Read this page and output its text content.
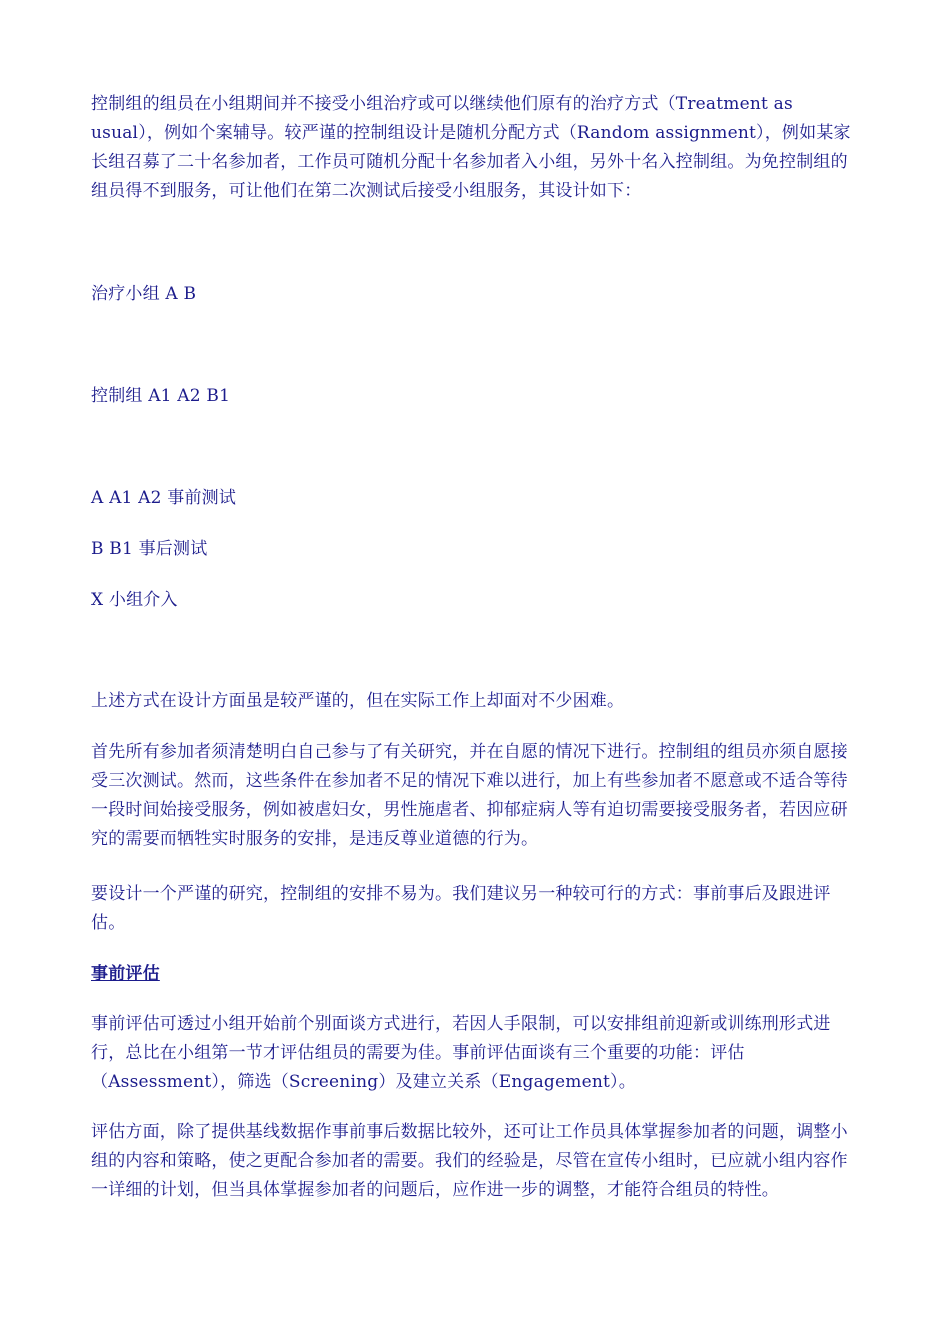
控制组的组员在小组期间并不接受小组治疗或可以继续他们原有的治疗方式（Treatment as usual），例如个案辅导。较严谨的控制组设计是随机分配方式（Random assignment），例如某家长组召募了二十名参加者，工作员可随机分配十名参加者入小组，另外十名入控制组。为免控制组的组员得不到服务，可让他们在第二次测试后接受小组服务，其设计如下：

治疗小组 A B

控制组 A1 A2 B1

A A1 A2 事前测试

B B1 事后测试

X 小组介入

上述方式在设计方面虽是较严谨的，但在实际工作上却面对不少困难。

首先所有参加者须清楚明白自己参与了有关研究，并在自愿的情况下进行。控制组的组员亦须自愿接受三次测试。然而，这些条件在参加者不足的情况下难以进行，加上有些参加者不愿意或不适合等待一段时间始接受服务，例如被虐妇女，男性施虐者、抑郁症病人等有迫切需要接受服务者，若因应研究的需要而牺牲实时服务的安排，是违反尊业道德的行为。

要设计一个严谨的研究，控制组的安排不易为。我们建议另一种较可行的方式：事前事后及跟进评估。

事前评估

事前评估可透过小组开始前个别面谈方式进行，若因人手限制，可以安排组前迎新或训练刑形式进行，总比在小组第一节才评估组员的需要为佳。事前评估面谈有三个重要的功能：评估（Assessment），筛选（Screening）及建立关系（Engagement）。

评估方面，除了提供基线数据作事前事后数据比较外，还可让工作员具体掌握参加者的问题，调整小组的内容和策略，使之更配合参加者的需要。我们的经验是，尽管在宣传小组时，已应就小组内容作一详细的计划，但当具体掌握参加者的问题后，应作进一步的调整，才能符合组员的特性。
